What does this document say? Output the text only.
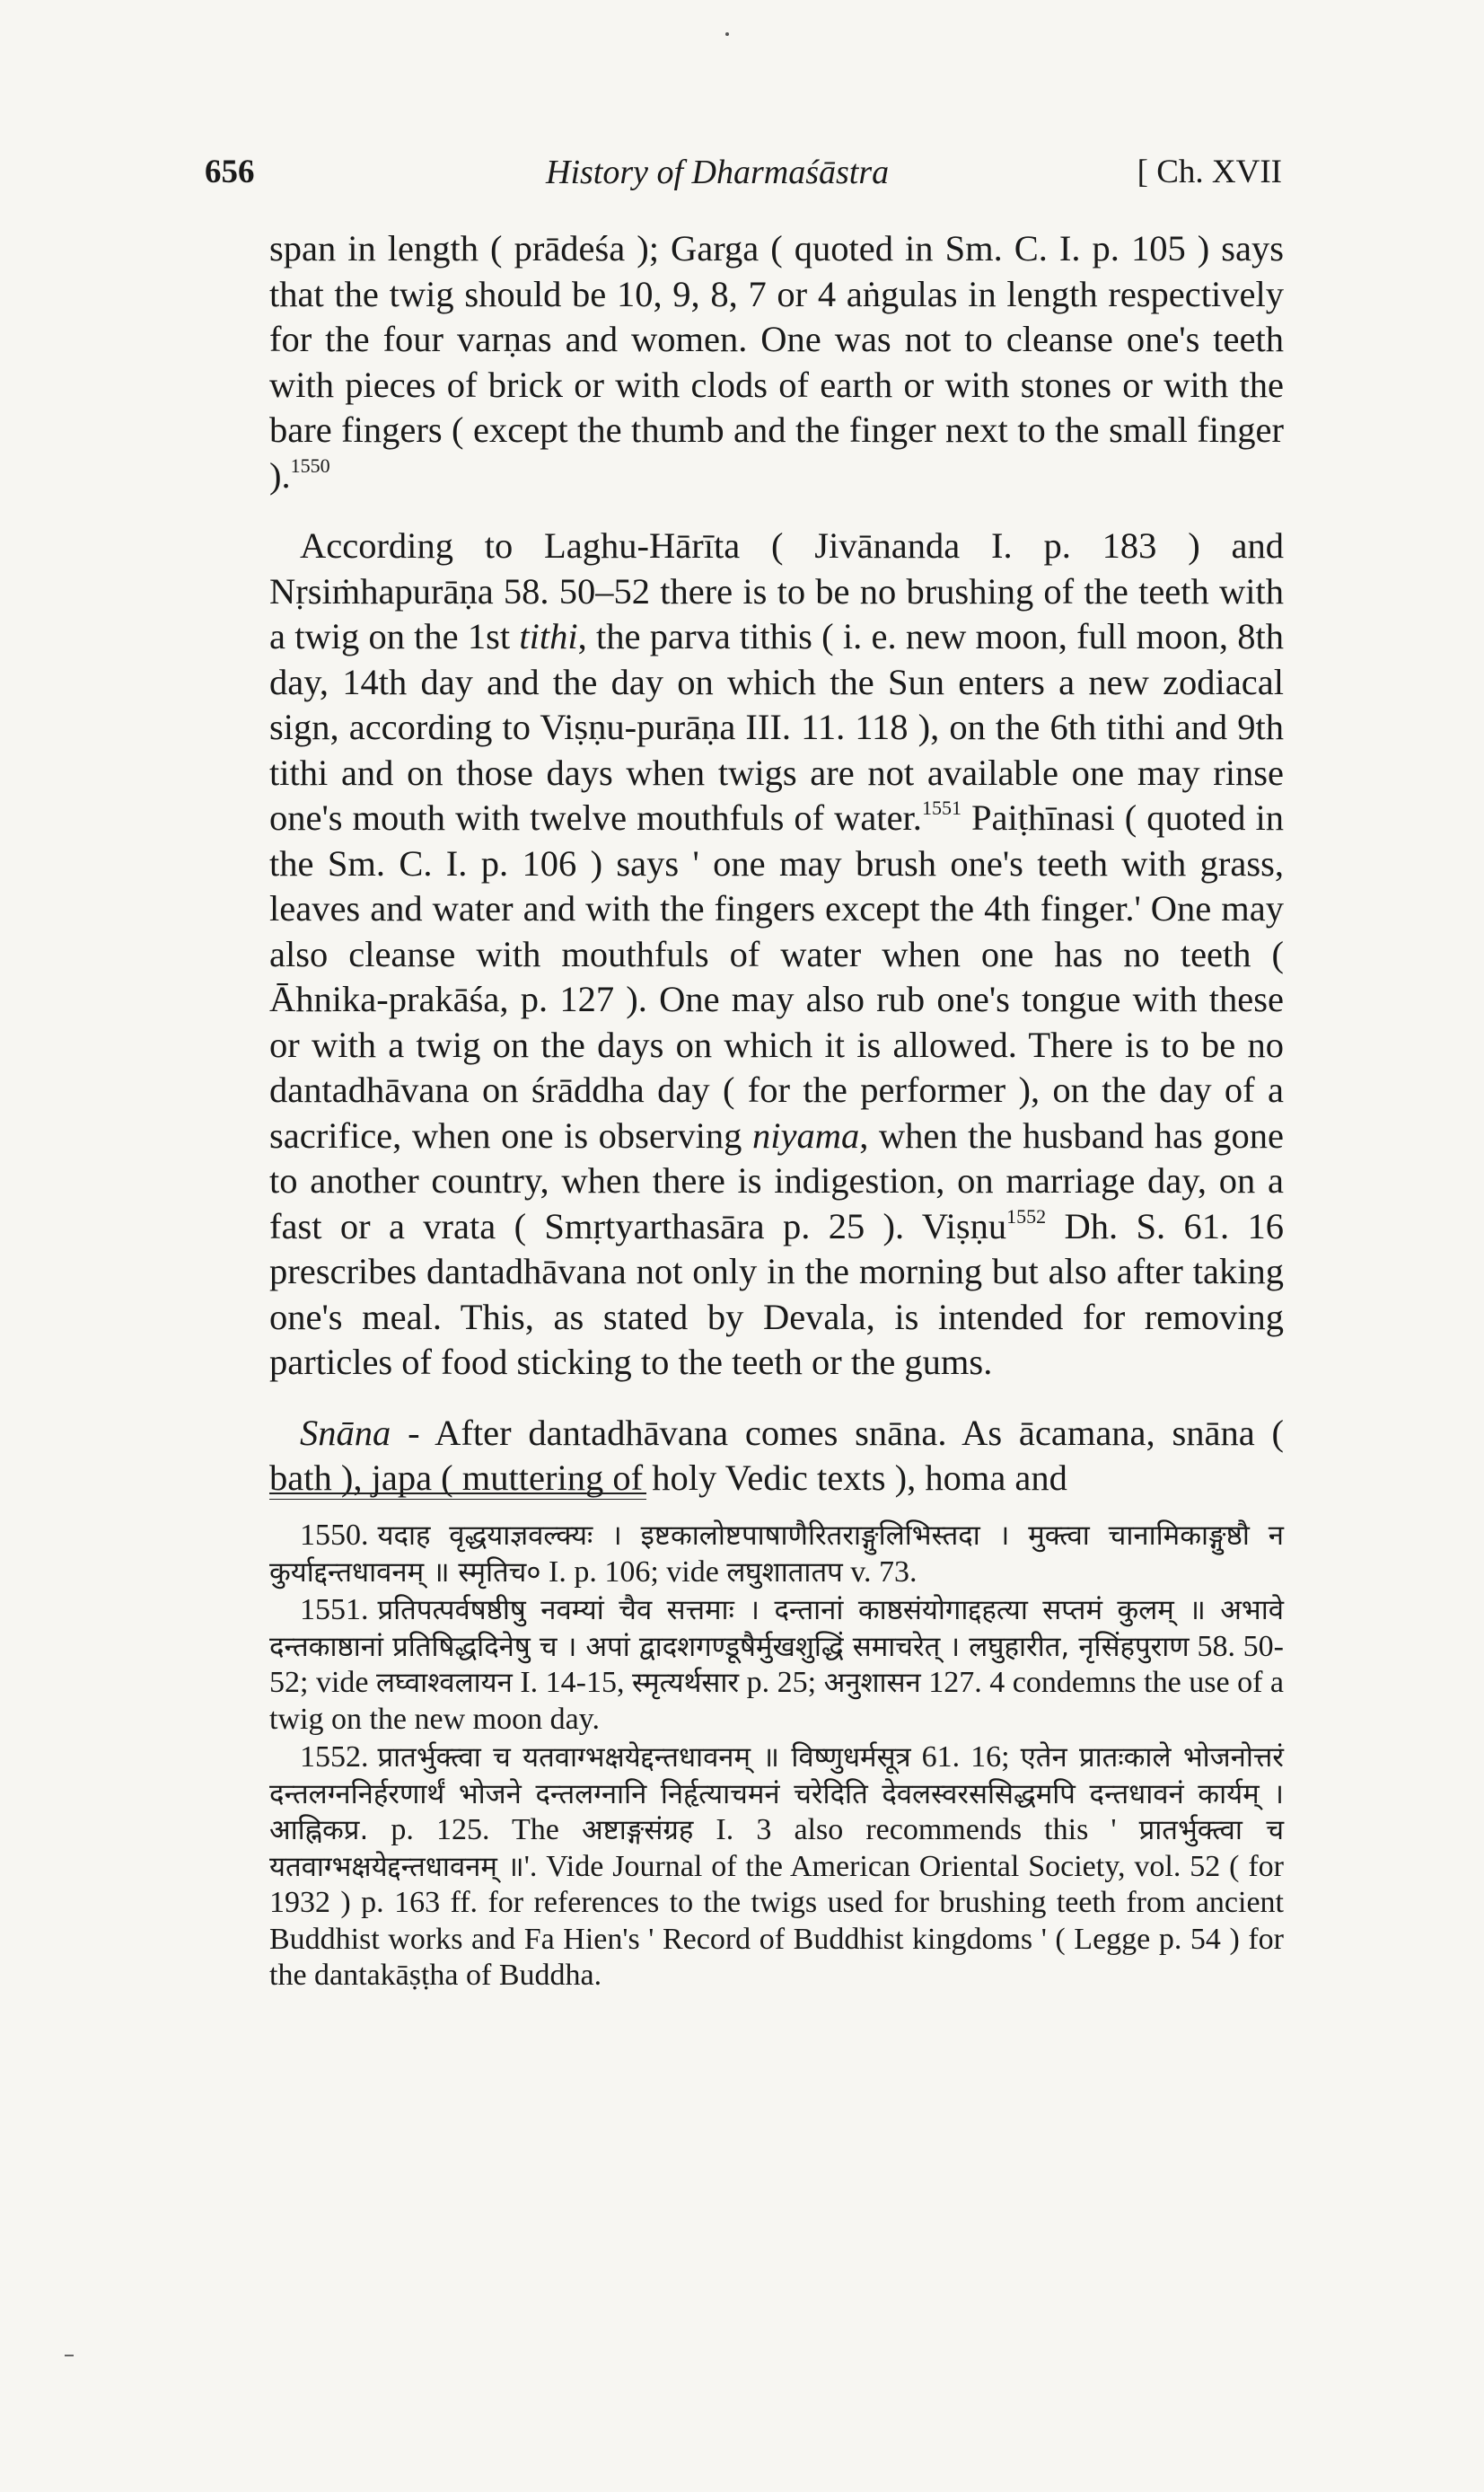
656	History of Dharmaśāstra	[ Ch. XVII

span in length ( prādeśa ); Garga ( quoted in Sm. C. I. p. 105 ) says that the twig should be 10, 9, 8, 7 or 4 aṅgulas in length respectively for the four varṇas and women. One was not to cleanse one's teeth with pieces of brick or with clods of earth or with stones or with the bare fingers ( except the thumb and the finger next to the small finger ).$^{1550}$

According to Laghu-Hārīta ( Jivānanda I. p. 183 ) and Nṛsiṁhapurāṇa 58. 50–52 there is to be no brushing of the teeth with a twig on the 1st tithi, the parva tithis ( i. e. new moon, full moon, 8th day, 14th day and the day on which the Sun enters a new zodiacal sign, according to Viṣṇu-purāṇa III. 11. 118 ), on the 6th tithi and 9th tithi and on those days when twigs are not available one may rinse one's mouth with twelve mouthfuls of water.$^{1551}$ Paiṭhīnasi ( quoted in the Sm. C. I. p. 106 ) says ' one may brush one's teeth with grass, leaves and water and with the fingers except the 4th finger.' One may also cleanse with mouthfuls of water when one has no teeth ( Āhnika-prakāśa, p. 127 ). One may also rub one's tongue with these or with a twig on the days on which it is allowed. There is to be no dantadhāvana on śrāddha day ( for the performer ), on the day of a sacrifice, when one is observing niyama, when the husband has gone to another country, when there is indigestion, on marriage day, on a fast or a vrata ( Smṛtyarthasāra p. 25 ). Viṣṇu$^{1552}$ Dh. S. 61. 16 prescribes dantadhāvana not only in the morning but also after taking one's meal. This, as stated by Devala, is intended for removing particles of food sticking to the teeth or the gums.

Snāna - After dantadhāvana comes snāna. As ācamana, snāna ( bath ), japa ( muttering of holy Vedic texts ), homa and

1550. यदाह वृद्धयाज्ञवल्क्यः । इष्टकालोष्टपाषाणैरितराङ्गुलिभिस्तदा । मुक्त्वा चानामिकाङ्गुष्ठौ न कुर्याद्दन्तधावनम् ॥ स्मृतिच० I. p. 106; vide लघुशातातप v. 73.

1551. प्रतिपत्पर्वषष्ठीषु नवम्यां चैव सत्तमाः । दन्तानां काष्ठसंयोगाद्दहत्या सप्तमं कुलम् ॥ अभावे दन्तकाष्ठानां प्रतिषिद्धदिनेषु च । अपां द्वादशगण्डूषैर्मुखशुद्धिं समाचरेत् । लघुहारीत, नृसिंहपुराण 58. 50-52; vide लघ्वाश्वलायन I. 14-15, स्मृत्यर्थसार p. 25; अनुशासन 127. 4 condemns the use of a twig on the new moon day.

1552. प्रातर्भुक्त्वा च यतवाग्भक्षयेद्दन्तधावनम् ॥ विष्णुधर्मसूत्र 61. 16; एतेन प्रातःकाले भोजनोत्तरं दन्तलग्ननिर्हरणार्थं भोजने दन्तलग्नानि निर्हृत्याचमनं चरेदिति देवलस्वरससिद्धमपि दन्तधावनं कार्यम् । आह्निकप्र. p. 125. The अष्टाङ्गसंग्रह I. 3 also recommends this ' प्रातर्भुक्त्वा च यतवाग्भक्षयेद्दन्तधावनम् ॥'. Vide Journal of the American Oriental Society, vol. 52 ( for 1932 ) p. 163 ff. for references to the twigs used for brushing teeth from ancient Buddhist works and Fa Hien's ' Record of Buddhist kingdoms ' ( Legge p. 54 ) for the dantakāṣṭha of Buddha.
